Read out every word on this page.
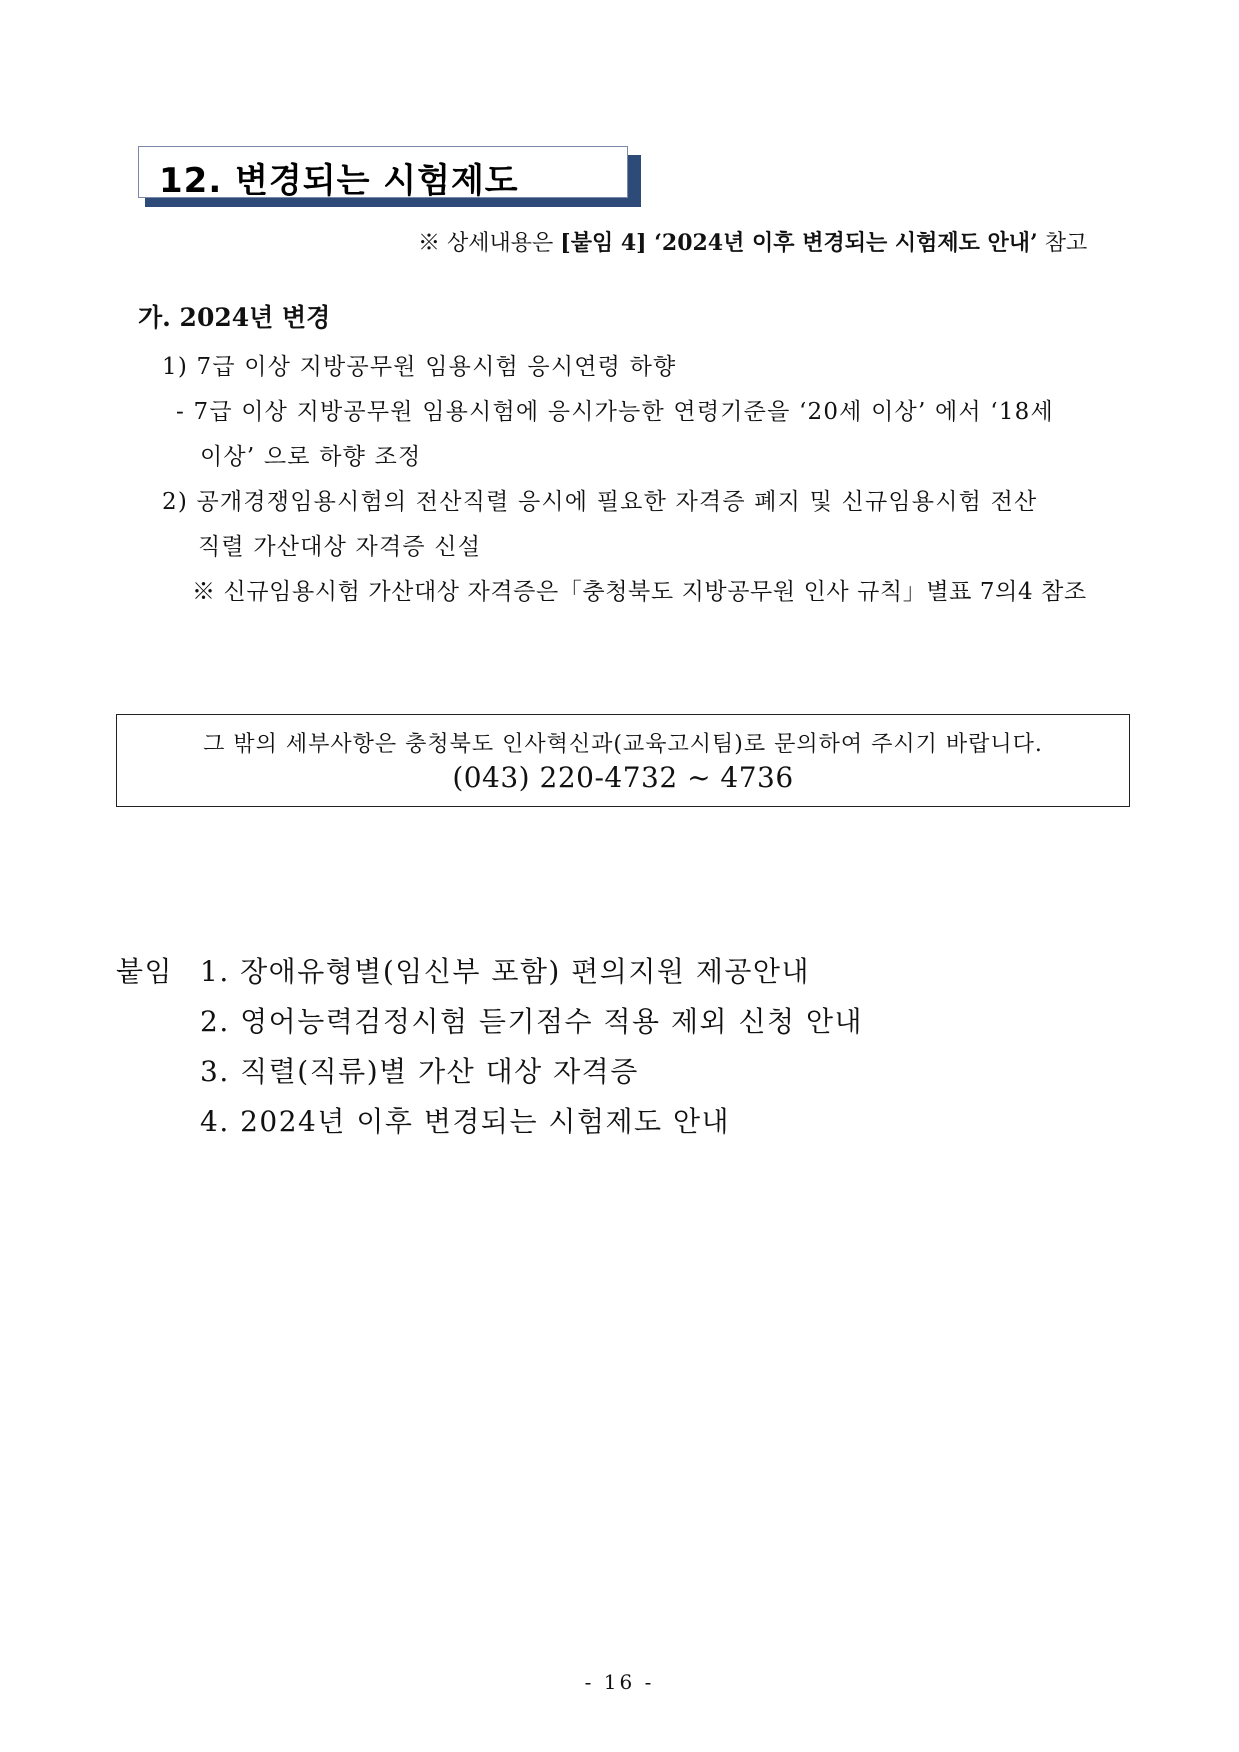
12. 변경되는 시험제도
※ 상세내용은 [붙임 4] ‘2024년 이후 변경되는 시험제도 안내’ 참고
가. 2024년 변경
1) 7급 이상 지방공무원 임용시험 응시연령 하향
- 7급 이상 지방공무원 임용시험에 응시가능한 연령기준을 ‘20세 이상’ 에서 ‘18세
이상’ 으로 하향 조정
2) 공개경쟁임용시험의 전산직렬 응시에 필요한 자격증 폐지 및 신규임용시험 전산
직렬 가산대상 자격증 신설
※ 신규임용시험 가산대상 자격증은「충청북도 지방공무원 인사 규칙」별표 7의4 참조
그 밖의 세부사항은 충청북도 인사혁신과(교육고시팀)로 문의하여 주시기 바랍니다.
(043) 220-4732 ~ 4736
붙임 1. 장애유형별(임신부 포함) 편의지원 제공안내
2. 영어능력검정시험 듣기점수 적용 제외 신청 안내
3. 직렬(직류)별 가산 대상 자격증
4. 2024년 이후 변경되는 시험제도 안내
- 16 -
